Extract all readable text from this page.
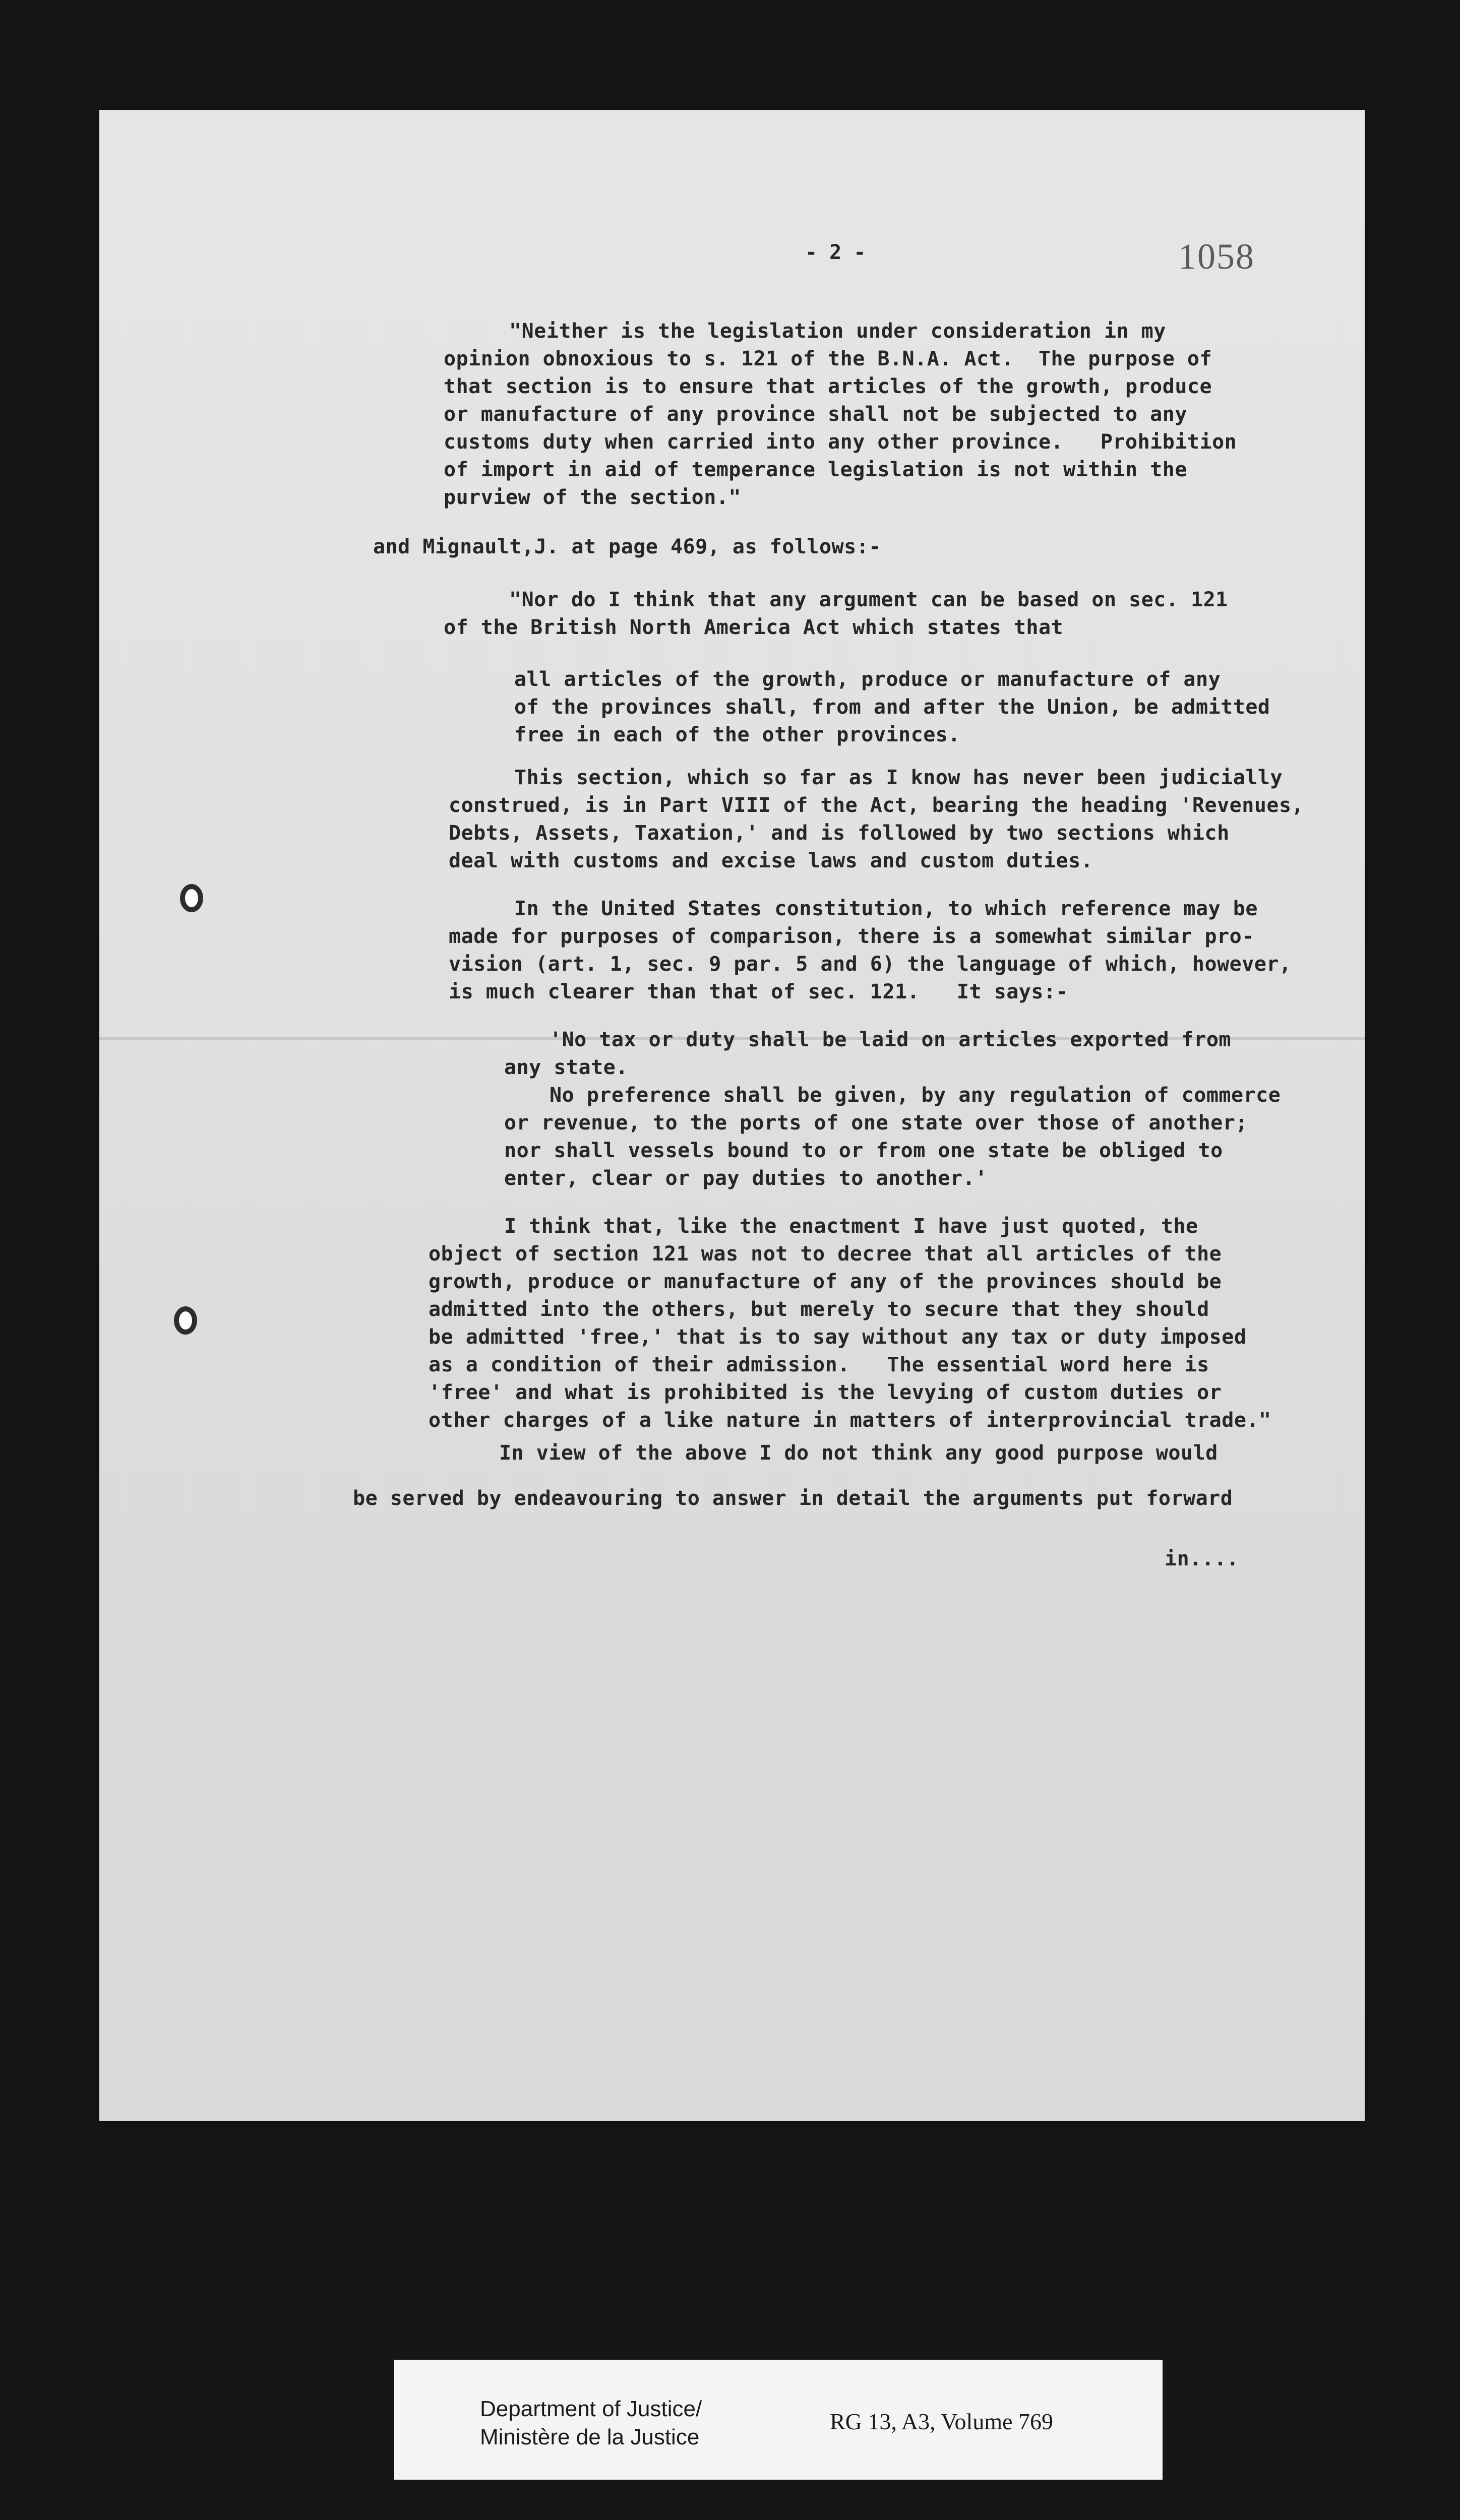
- 2 -	1058
"Neither is the legislation under consideration in my
opinion obnoxious to s. 121 of the B.N.A. Act.  The purpose of
that section is to ensure that articles of the growth, produce
or manufacture of any province shall not be subjected to any
customs duty when carried into any other province.   Prohibition
of import in aid of temperance legislation is not within the
purview of the section."
and Mignault,J. at page 469, as follows:-
"Nor do I think that any argument can be based on sec. 121
of the British North America Act which states that
all articles of the growth, produce or manufacture of any
of the provinces shall, from and after the Union, be admitted
free in each of the other provinces.
This section, which so far as I know has never been judicially
construed, is in Part VIII of the Act, bearing the heading 'Revenues,
Debts, Assets, Taxation,' and is followed by two sections which
deal with customs and excise laws and custom duties.
In the United States constitution, to which reference may be
made for purposes of comparison, there is a somewhat similar pro-
vision (art. 1, sec. 9 par. 5 and 6) the language of which, however,
is much clearer than that of sec. 121.   It says:-
'No tax or duty shall be laid on articles exported from
any state.
No preference shall be given, by any regulation of commerce
or revenue, to the ports of one state over those of another;
nor shall vessels bound to or from one state be obliged to
enter, clear or pay duties to another.'
I think that, like the enactment I have just quoted, the
object of section 121 was not to decree that all articles of the
growth, produce or manufacture of any of the provinces should be
admitted into the others, but merely to secure that they should
be admitted 'free,' that is to say without any tax or duty imposed
as a condition of their admission.   The essential word here is
'free' and what is prohibited is the levying of custom duties or
other charges of a like nature in matters of interprovincial trade."
In view of the above I do not think any good purpose would
be served by endeavouring to answer in detail the arguments put forward
in....
Department of Justice/
Ministère de la Justice
RG 13, A3, Volume 769
